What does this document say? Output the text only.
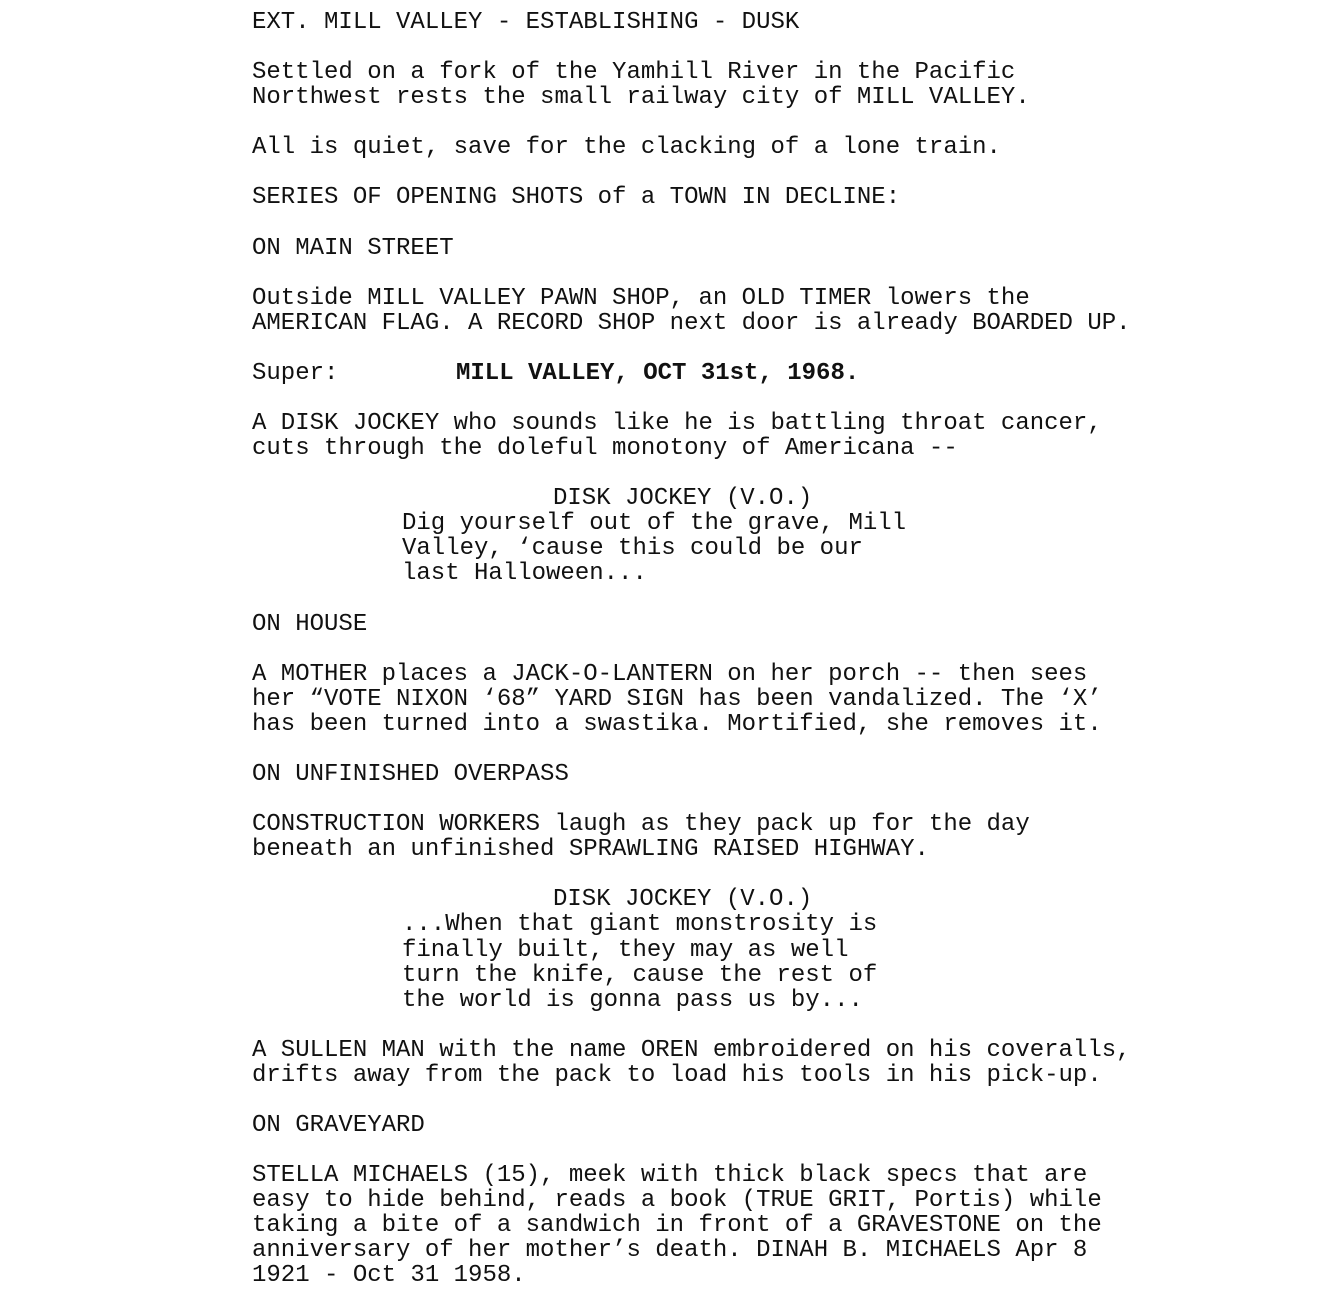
EXT. MILL VALLEY - ESTABLISHING - DUSK
Settled on a fork of the Yamhill River in the Pacific
Northwest rests the small railway city of MILL VALLEY.
All is quiet, save for the clacking of a lone train.
SERIES OF OPENING SHOTS of a TOWN IN DECLINE:
ON MAIN STREET
Outside MILL VALLEY PAWN SHOP, an OLD TIMER lowers the
AMERICAN FLAG. A RECORD SHOP next door is already BOARDED UP.
Super:	MILL VALLEY, OCT 31st, 1968.
A DISK JOCKEY who sounds like he is battling throat cancer,
cuts through the doleful monotony of Americana --
DISK JOCKEY (V.O.)
Dig yourself out of the grave, Mill
Valley, ‘cause this could be our
last Halloween...
ON HOUSE
A MOTHER places a JACK-O-LANTERN on her porch -- then sees
her “VOTE NIXON ‘68” YARD SIGN has been vandalized. The ‘X’
has been turned into a swastika. Mortified, she removes it.
ON UNFINISHED OVERPASS
CONSTRUCTION WORKERS laugh as they pack up for the day
beneath an unfinished SPRAWLING RAISED HIGHWAY.
DISK JOCKEY (V.O.)
...When that giant monstrosity is
finally built, they may as well
turn the knife, cause the rest of
the world is gonna pass us by...
A SULLEN MAN with the name OREN embroidered on his coveralls,
drifts away from the pack to load his tools in his pick-up.
ON GRAVEYARD
STELLA MICHAELS (15), meek with thick black specs that are
easy to hide behind, reads a book (TRUE GRIT, Portis) while
taking a bite of a sandwich in front of a GRAVESTONE on the
anniversary of her mother’s death. DINAH B. MICHAELS Apr 8
1921 - Oct 31 1958.
